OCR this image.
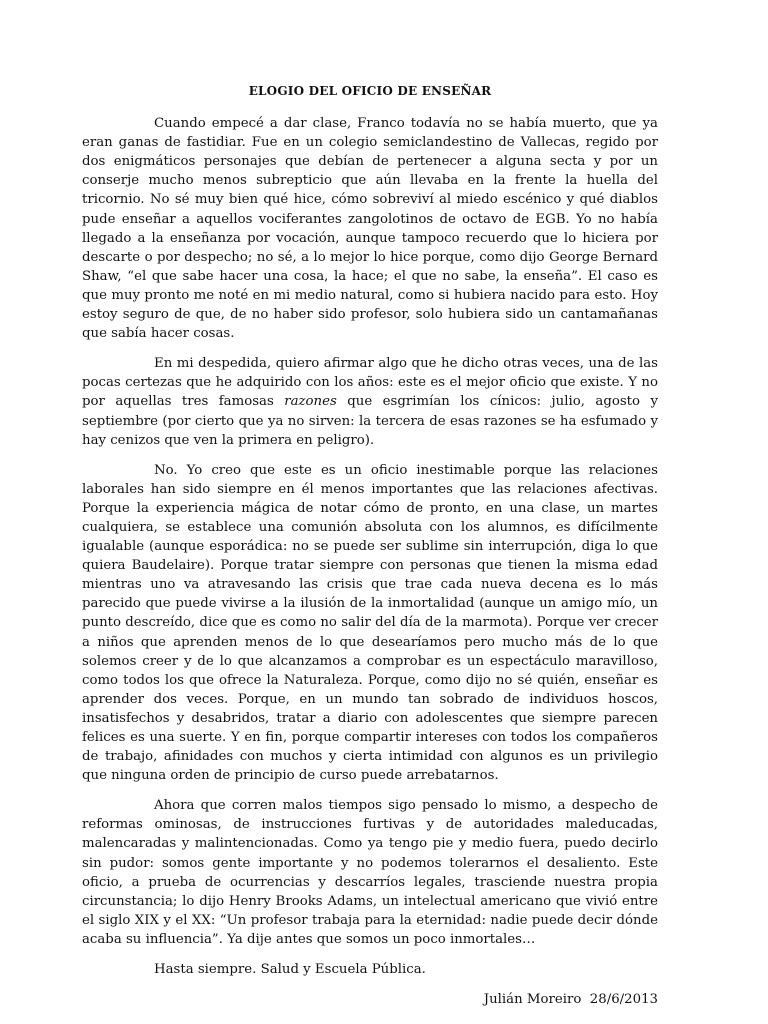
ELOGIO DEL OFICIO DE ENSEÑAR

Cuando empecé a dar clase, Franco todavía no se había muerto, que ya eran ganas de fastidiar. Fue en un colegio semiclandestino de Vallecas, regido por dos enigmáticos personajes que debían de pertenecer a alguna secta y por un conserje mucho menos subrepticio que aún llevaba en la frente la huella del tricornio. No sé muy bien qué hice, cómo sobreviví al miedo escénico y qué diablos pude enseñar a aquellos vociferantes zangolotinos de octavo de EGB. Yo no había llegado a la enseñanza por vocación, aunque tampoco recuerdo que lo hiciera por descarte o por despecho; no sé, a lo mejor lo hice porque, como dijo George Bernard Shaw, “el que sabe hacer una cosa, la hace; el que no sabe, la enseña”. El caso es que muy pronto me noté en mi medio natural, como si hubiera nacido para esto. Hoy estoy seguro de que, de no haber sido profesor, solo hubiera sido un cantamañanas que sabía hacer cosas.

En mi despedida, quiero afirmar algo que he dicho otras veces, una de las pocas certezas que he adquirido con los años: este es el mejor oficio que existe. Y no por aquellas tres famosas razones que esgrimían los cínicos: julio, agosto y septiembre (por cierto que ya no sirven: la tercera de esas razones se ha esfumado y hay cenizos que ven la primera en peligro).

No. Yo creo que este es un oficio inestimable porque las relaciones laborales han sido siempre en él menos importantes que las relaciones afectivas. Porque la experiencia mágica de notar cómo de pronto, en una clase, un martes cualquiera, se establece una comunión absoluta con los alumnos, es difícilmente igualable (aunque esporádica: no se puede ser sublime sin interrupción, diga lo que quiera Baudelaire). Porque tratar siempre con personas que tienen la misma edad mientras uno va atravesando las crisis que trae cada nueva decena es lo más parecido que puede vivirse a la ilusión de la inmortalidad (aunque un amigo mío, un punto descreído, dice que es como no salir del día de la marmota). Porque ver crecer a niños que aprenden menos de lo que desearíamos pero mucho más de lo que solemos creer y de lo que alcanzamos a comprobar es un espectáculo maravilloso, como todos los que ofrece la Naturaleza. Porque, como dijo no sé quién, enseñar es aprender dos veces. Porque, en un mundo tan sobrado de individuos hoscos, insatisfechos y desabridos, tratar a diario con adolescentes que siempre parecen felices es una suerte. Y en fin, porque compartir intereses con todos los compañeros de trabajo, afinidades con muchos y cierta intimidad con algunos es un privilegio que ninguna orden de principio de curso puede arrebatarnos.

Ahora que corren malos tiempos sigo pensado lo mismo, a despecho de reformas ominosas, de instrucciones furtivas y de autoridades maleducadas, malencaradas y malintencionadas. Como ya tengo pie y medio fuera, puedo decirlo sin pudor: somos gente importante y no podemos tolerarnos el desaliento. Este oficio, a prueba de ocurrencias y descarríos legales, trasciende nuestra propia circunstancia; lo dijo Henry Brooks Adams, un intelectual americano que vivió entre el siglo XIX y el XX: “Un profesor trabaja para la eternidad: nadie puede decir dónde acaba su influencia”. Ya dije antes que somos un poco inmortales…

Hasta siempre. Salud y Escuela Pública.

Julián Moreiro  28/6/2013
